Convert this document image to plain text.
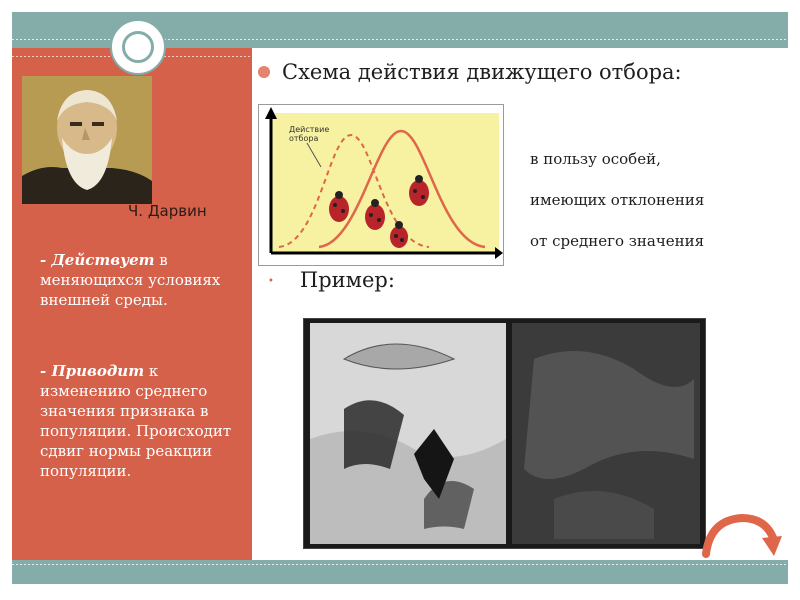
Ч. Дарвин
- Действует в меняющихся условиях внешней среды.
- Приводит к изменению среднего значения признака в популяции. Происходит сдвиг нормы реакции популяции.
Схема действия движущего отбора:
Действие отбора
в пользу особей,
имеющих отклонения
от среднего значения
• Пример:
